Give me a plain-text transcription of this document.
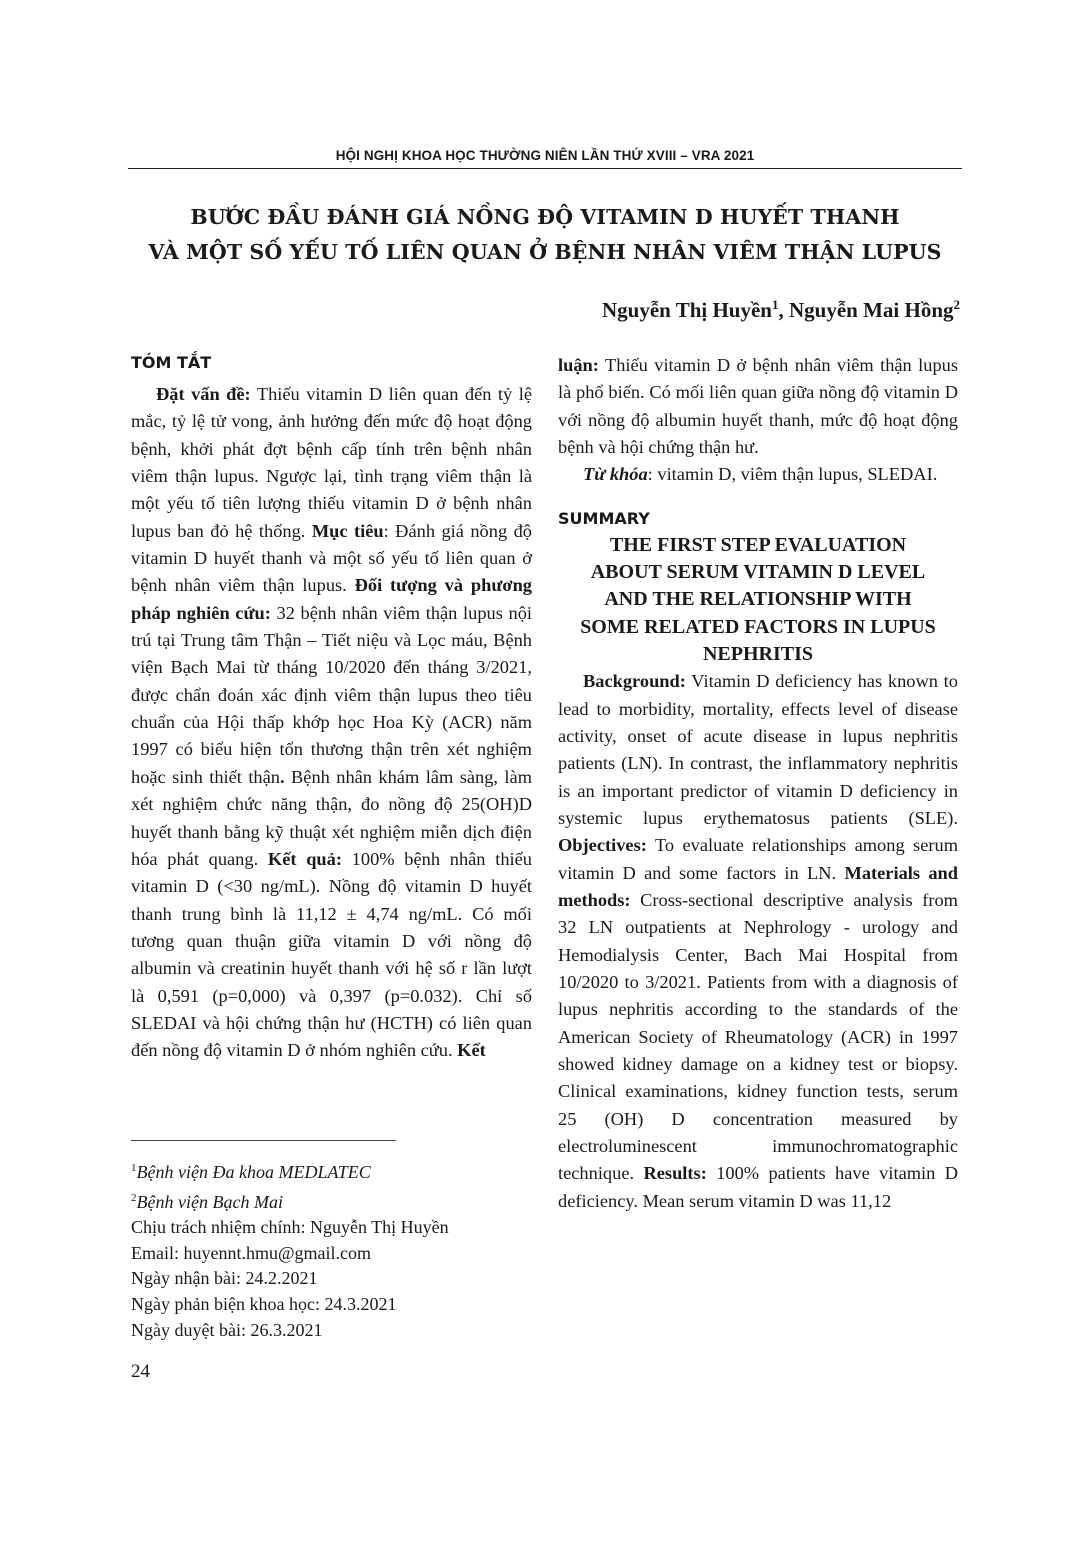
HỘI NGHỊ KHOA HỌC THƯỜNG NIÊN LẦN THỨ XVIII – VRA 2021
BƯỚC ĐẦU ĐÁNH GIÁ NỒNG ĐỘ VITAMIN D HUYẾT THANH
VÀ MỘT SỐ YẾU TỐ LIÊN QUAN Ở BỆNH NHÂN VIÊM THẬN LUPUS
Nguyễn Thị Huyền$^1$, Nguyễn Mai Hồng$^2$
TÓM TẮT

Đặt vấn đề: Thiếu vitamin D liên quan đến tỷ lệ mắc, tỷ lệ tử vong, ảnh hưởng đến mức độ hoạt động bệnh, khởi phát đợt bệnh cấp tính trên bệnh nhân viêm thận lupus. Ngược lại, tình trạng viêm thận là một yếu tố tiên lượng thiếu vitamin D ở bệnh nhân lupus ban đỏ hệ thống. Mục tiêu: Đánh giá nồng độ vitamin D huyết thanh và một số yếu tố liên quan ở bệnh nhân viêm thận lupus. Đối tượng và phương pháp nghiên cứu: 32 bệnh nhân viêm thận lupus nội trú tại Trung tâm Thận – Tiết niệu và Lọc máu, Bệnh viện Bạch Mai từ tháng 10/2020 đến tháng 3/2021, được chẩn đoán xác định viêm thận lupus theo tiêu chuẩn của Hội thấp khớp học Hoa Kỳ (ACR) năm 1997 có biểu hiện tổn thương thận trên xét nghiệm hoặc sinh thiết thận. Bệnh nhân khám lâm sàng, làm xét nghiệm chức năng thận, đo nồng độ 25(OH)D huyết thanh bằng kỹ thuật xét nghiệm miễn dịch điện hóa phát quang. Kết quả: 100% bệnh nhân thiếu vitamin D (<30 ng/mL). Nồng độ vitamin D huyết thanh trung bình là 11,12 ± 4,74 ng/mL. Có mối tương quan thuận giữa vitamin D với nồng độ albumin và creatinin huyết thanh với hệ số r lần lượt là 0,591 (p=0,000) và 0,397 (p=0.032). Chỉ số SLEDAI và hội chứng thận hư (HCTH) có liên quan đến nồng độ vitamin D ở nhóm nghiên cứu. Kết

luận: Thiếu vitamin D ở bệnh nhân viêm thận lupus là phổ biến. Có mối liên quan giữa nồng độ vitamin D với nồng độ albumin huyết thanh, mức độ hoạt động bệnh và hội chứng thận hư.

Từ khóa: vitamin D, viêm thận lupus, SLEDAI.

SUMMARY

THE FIRST STEP EVALUATION
ABOUT SERUM VITAMIN D LEVEL
AND THE RELATIONSHIP WITH
SOME RELATED FACTORS IN LUPUS
NEPHRITIS

Background: Vitamin D deficiency has known to lead to morbidity, mortality, effects level of disease activity, onset of acute disease in lupus nephritis patients (LN). In contrast, the inflammatory nephritis is an important predictor of vitamin D deficiency in systemic lupus erythematosus patients (SLE). Objectives: To evaluate relationships among serum vitamin D and some factors in LN. Materials and methods: Cross-sectional descriptive analysis from 32 LN outpatients at Nephrology - urology and Hemodialysis Center, Bach Mai Hospital from 10/2020 to 3/2021. Patients from with a diagnosis of lupus nephritis according to the standards of the American Society of Rheumatology (ACR) in 1997 showed kidney damage on a kidney test or biopsy. Clinical examinations, kidney function tests, serum 25 (OH) D concentration measured by electroluminescent immunochromatographic technique. Results: 100% patients have vitamin D deficiency. Mean serum vitamin D was 11,12

$^1$Bệnh viện Đa khoa MEDLATEC
$^2$Bệnh viện Bạch Mai
Chịu trách nhiệm chính: Nguyễn Thị Huyền
Email: huyennt.hmu@gmail.com
Ngày nhận bài: 24.2.2021
Ngày phản biện khoa học: 24.3.2021
Ngày duyệt bài: 26.3.2021
24
